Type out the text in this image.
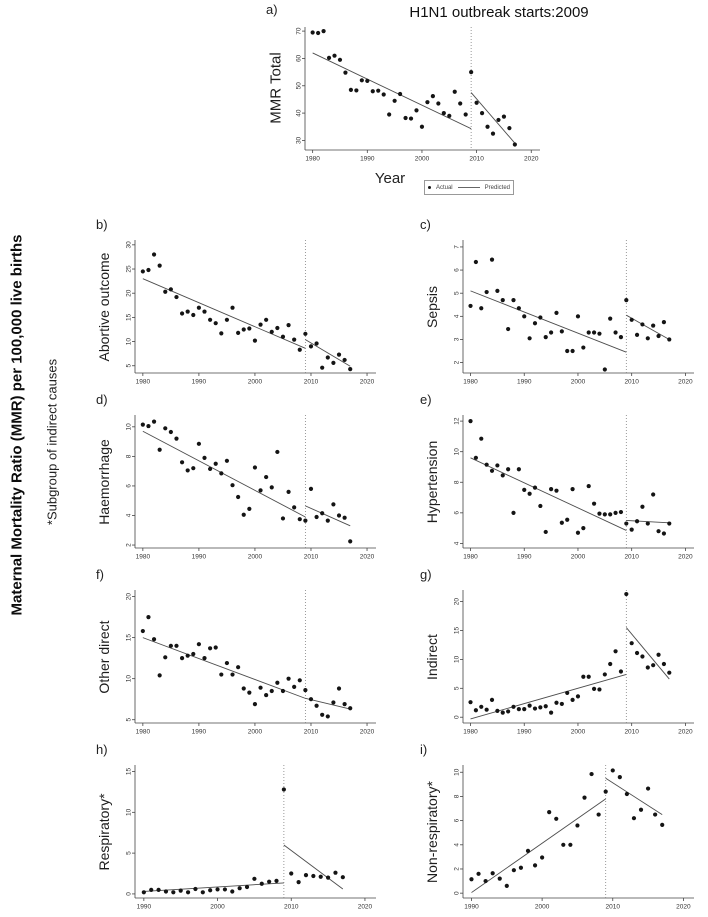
H1N1 outbreak starts:2009
Maternal Mortality Ratio (MMR) per 100,000 live births *Subgroup of indirect causes
a)
MMR Total
30
40
50
60
70
1980	1990	2000	2010	2020
Year
Actual	Predicted
b)
Abortive outcome
5
10
15
20
25
30
1980	1990	2000	2010	2020
c)
Sepsis
2
3
4
5
6
7
1980	1990	2000	2010	2020
d)
Haemorrhage
2
4
6
8
10
1980	1990	2000	2010	2020
e)
Hypertension
4
6
8
10
12
1980	1990	2000	2010	2020
f)
Other direct
5
10
15
20
1980	1990	2000	2010	2020
g)
Indirect
0
5
10
15
20
1980	1990	2000	2010	2020
h)
Respiratory*
0
5
10
15
1990	2000	2010	2020
i)
Non-respiratory*
0
2
4
6
8
10
1990	2000	2010	2020
